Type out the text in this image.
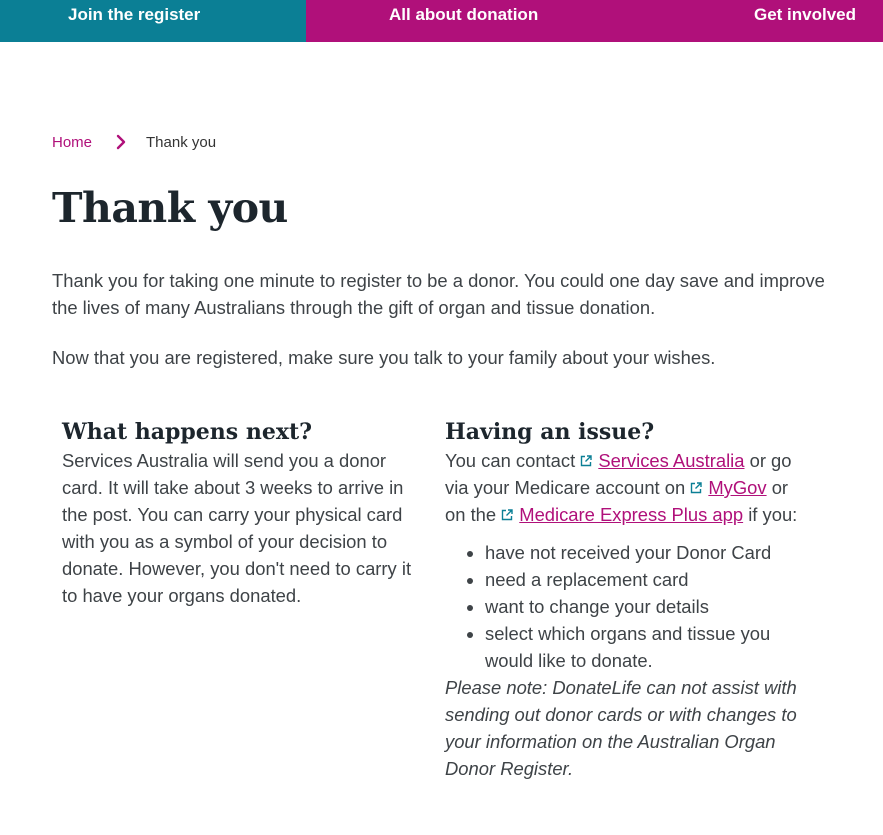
Join the register	All about donation	Get involved
Home	Thank you
Thank you

Thank you for taking one minute to register to be a donor. You could one day save and improve the lives of many Australians through the gift of organ and tissue donation.

Now that you are registered, make sure you talk to your family about your wishes.

What happens next?

Services Australia will send you a donor card. It will take about 3 weeks to arrive in the post. You can carry your physical card with you as a symbol of your decision to donate. However, you don't need to carry it to have your organs donated.

Having an issue?

You can contact Services Australia or go via your Medicare account on MyGov or on the Medicare Express Plus app if you:

• have not received your Donor Card
• need a replacement card
• want to change your details
• select which organs and tissue you would like to donate.

Please note: DonateLife can not assist with sending out donor cards or with changes to your information on the Australian Organ Donor Register.
